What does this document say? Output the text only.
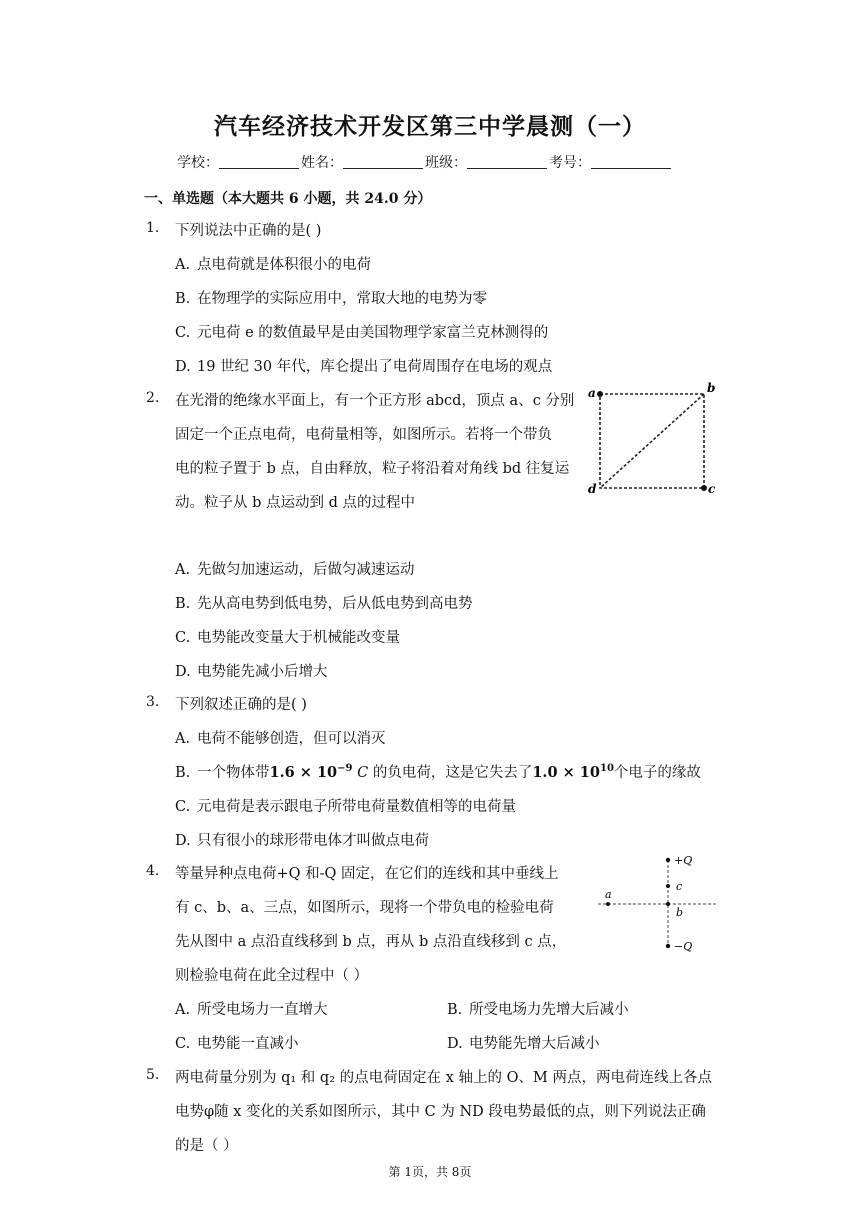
汽车经济技术开发区第三中学晨测（一）
学校：	姓名：	班级：	考号：
一、单选题（本大题共 6 小题，共 24.0 分）
1. 下列说法中正确的是( )
A. 点电荷就是体积很小的电荷
B. 在物理学的实际应用中，常取大地的电势为零
C. 元电荷 e 的数值最早是由美国物理学家富兰克林测得的
D. 19 世纪 30 年代，库仑提出了电荷周围存在电场的观点
2. 在光滑的绝缘水平面上，有一个正方形 abcd，顶点 a、c 分别
固定一个正点电荷，电荷量相等，如图所示。若将一个带负
电的粒子置于 b 点，自由释放，粒子将沿着对角线 bd 往复运
动。粒子从 b 点运动到 d 点的过程中
a	b
c
d
A. 先做匀加速运动，后做匀减速运动
B. 先从高电势到低电势，后从低电势到高电势
C. 电势能改变量大于机械能改变量
D. 电势能先减小后增大
3. 下列叙述正确的是( )
A. 电荷不能够创造，但可以消灭
B. 一个物体带$1.6 \times 10^{-9}$ C 的负电荷，这是它失去了$1.0 \times 10^{10}$个电子的缘故
C. 元电荷是表示跟电子所带电荷量数值相等的电荷量
D. 只有很小的球形带电体才叫做点电荷
4. 等量异种点电荷+Q 和-Q 固定，在它们的连线和其中垂线上
有 c、b、a、三点，如图所示，现将一个带负电的检验电荷
先从图中 a 点沿直线移到 b 点，再从 b 点沿直线移到 c 点，
则检验电荷在此全过程中（ ）
+Q
−Q
a
b
c
A. 所受电场力一直增大	B. 所受电场力先增大后减小
C. 电势能一直减小	D. 电势能先增大后减小
5. 两电荷量分别为 q₁ 和 q₂ 的点电荷固定在 x 轴上的 O、M 两点，两电荷连线上各点
电势φ随 x 变化的关系如图所示，其中 C 为 ND 段电势最低的点，则下列说法正确
的是（ ）
第 1页，共 8页
